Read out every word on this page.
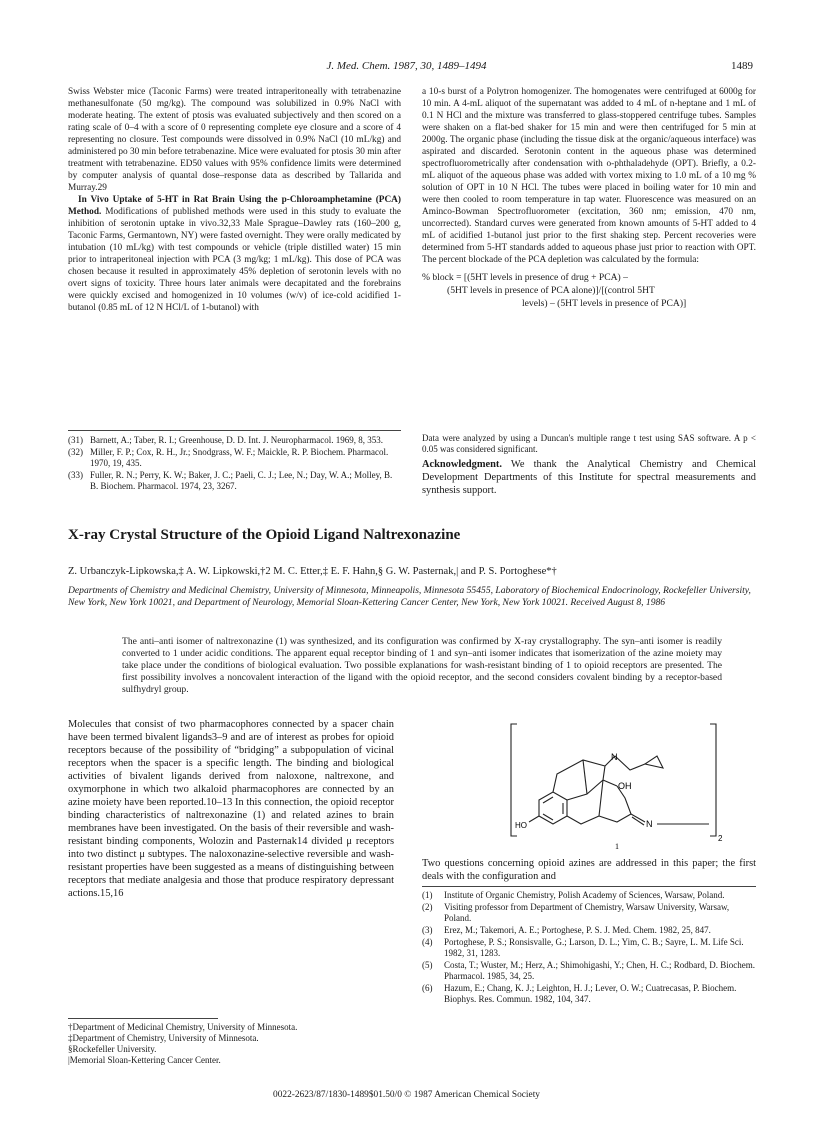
J. Med. Chem. 1987, 30, 1489–1494	1489

Swiss Webster mice (Taconic Farms) were treated intraperitoneally with tetrabenazine methanesulfonate (50 mg/kg). The compound was solubilized in 0.9% NaCl with moderate heating. The extent of ptosis was evaluated subjectively and then scored on a rating scale of 0–4 with a score of 0 representing complete eye closure and a score of 4 representing no closure. Test compounds were dissolved in 0.9% NaCl (10 mL/kg) and administered po 30 min before tetrabenazine. Mice were evaluated for ptosis 30 min after treatment with tetrabenazine. ED50 values with 95% confidence limits were determined by computer analysis of quantal dose–response data as described by Tallarida and Murray.29

In Vivo Uptake of 5-HT in Rat Brain Using the p-Chloroamphetamine (PCA) Method. Modifications of published methods were used in this study to evaluate the inhibition of serotonin uptake in vivo.32,33 Male Sprague–Dawley rats (160–200 g, Taconic Farms, Germantown, NY) were fasted overnight. They were orally medicated by intubation (10 mL/kg) with test compounds or vehicle (triple distilled water) 15 min prior to intraperitoneal injection with PCA (3 mg/kg; 1 mL/kg). This dose of PCA was chosen because it resulted in approximately 45% depletion of serotonin levels with no overt signs of toxicity. Three hours later animals were decapitated and the forebrains were quickly excised and homogenized in 10 volumes (w/v) of ice-cold acidified 1-butanol (0.85 mL of 12 N HCl/L of 1-butanol) with

a 10-s burst of a Polytron homogenizer. The homogenates were centrifuged at 6000g for 10 min. A 4-mL aliquot of the supernatant was added to 4 mL of n-heptane and 1 mL of 0.1 N HCl and the mixture was transferred to glass-stoppered centrifuge tubes. Samples were shaken on a flat-bed shaker for 15 min and were then centrifuged for 5 min at 2000g. The organic phase (including the tissue disk at the organic/aqueous interface) was aspirated and discarded. Serotonin content in the aqueous phase was determined spectrofluorometrically after condensation with o-phthaladehyde (OPT). Briefly, a 0.2-mL aliquot of the aqueous phase was added with vortex mixing to 1.0 mL of a 10 mg % solution of OPT in 10 N HCl. The tubes were placed in boiling water for 10 min and were then cooled to room temperature in tap water. Fluorescence was measured on an Aminco-Bowman Spectrofluorometer (excitation, 360 nm; emission, 470 nm, uncorrected). Standard curves were generated from known amounts of 5-HT added to 4 mL of acidified 1-butanol just prior to the first shaking step. Percent recoveries were determined from 5-HT standards added to aqueous phase just prior to reaction with OPT. The percent blockade of the PCA depletion was calculated by the formula:

% block = [(5HT levels in presence of drug + PCA) –
(5HT levels in presence of PCA alone)]/[(control 5HT
levels) – (5HT levels in presence of PCA)]
(31) Barnett, A.; Taber, R. I.; Greenhouse, D. D. Int. J. Neuropharmacol. 1969, 8, 353.
(32) Miller, F. P.; Cox, R. H., Jr.; Snodgrass, W. F.; Maickle, R. P. Biochem. Pharmacol. 1970, 19, 435.
(33) Fuller, R. N.; Perry, K. W.; Baker, J. C.; Paeli, C. J.; Lee, N.; Day, W. A.; Molley, B. B. Biochem. Pharmacol. 1974, 23, 3267.
Data were analyzed by using a Duncan's multiple range t test using SAS software. A p < 0.05 was considered significant.
Acknowledgment. We thank the Analytical Chemistry and Chemical Development Departments of this Institute for spectral measurements and synthesis support.
X-ray Crystal Structure of the Opioid Ligand Naltrexonazine
Z. Urbanczyk-Lipkowska,‡ A. W. Lipkowski,†2 M. C. Etter,‡ E. F. Hahn,§ G. W. Pasternak,| and P. S. Portoghese*†
Departments of Chemistry and Medicinal Chemistry, University of Minnesota, Minneapolis, Minnesota 55455, Laboratory of Biochemical Endocrinology, Rockefeller University, New York, New York 10021, and Department of Neurology, Memorial Sloan-Kettering Cancer Center, New York, New York 10021. Received August 8, 1986
The anti–anti isomer of naltrexonazine (1) was synthesized, and its configuration was confirmed by X-ray crystallography. The syn–anti isomer is readily converted to 1 under acidic conditions. The apparent equal receptor binding of 1 and syn–anti isomer indicates that isomerization of the azine moiety may take place under the conditions of biological evaluation. Two possible explanations for wash-resistant binding of 1 to opioid receptors are presented. The first possibility involves a noncovalent interaction of the ligand with the opioid receptor, and the second considers covalent binding by a receptor-based sulfhydryl group.

Molecules that consist of two pharmacophores connected by a spacer chain have been termed bivalent ligands3–9 and are of interest as probes for opioid receptors because of the possibility of “bridging” a subpopulation of vicinal receptors when the spacer is a specific length. The binding and biological activities of bivalent ligands derived from naloxone, naltrexone, and oxymorphone in which two alkaloid pharmacophores are connected by an azine moiety have been reported.10–13 In this connection, the opioid receptor binding characteristics of naltrexonazine (1) and related azines to brain membranes have been investigated. On the basis of their reversible and wash-resistant binding components, Wolozin and Pasternak14 divided μ receptors into two distinct μ subtypes. The naloxonazine-selective reversible and wash-resistant properties have been suggested as a means of distinguishing between receptors that mediate analgesia and those that produce respiratory depressant actions.15,16

N
OH
HO	N
2
1

Two questions concerning opioid azines are addressed in this paper; the first deals with the configuration and

(1)	Institute of Organic Chemistry, Polish Academy of Sciences, Warsaw, Poland.
(2)	Visiting professor from Department of Chemistry, Warsaw University, Warsaw, Poland.
(3)	Erez, M.; Takemori, A. E.; Portoghese, P. S. J. Med. Chem. 1982, 25, 847.
(4)	Portoghese, P. S.; Ronsisvalle, G.; Larson, D. L.; Yim, C. B.; Sayre, L. M. Life Sci. 1982, 31, 1283.
(5)	Costa, T.; Wuster, M.; Herz, A.; Shimohigashi, Y.; Chen, H. C.; Rodbard, D. Biochem. Pharmacol. 1985, 34, 25.
(6)	Hazum, E.; Chang, K. J.; Leighton, H. J.; Lever, O. W.; Cuatrecasas, P. Biochem. Biophys. Res. Commun. 1982, 104, 347.
†Department of Medicinal Chemistry, University of Minnesota.
‡Department of Chemistry, University of Minnesota.
§Rockefeller University.
|Memorial Sloan-Kettering Cancer Center.
0022-2623/87/1830-1489$01.50/0 © 1987 American Chemical Society
